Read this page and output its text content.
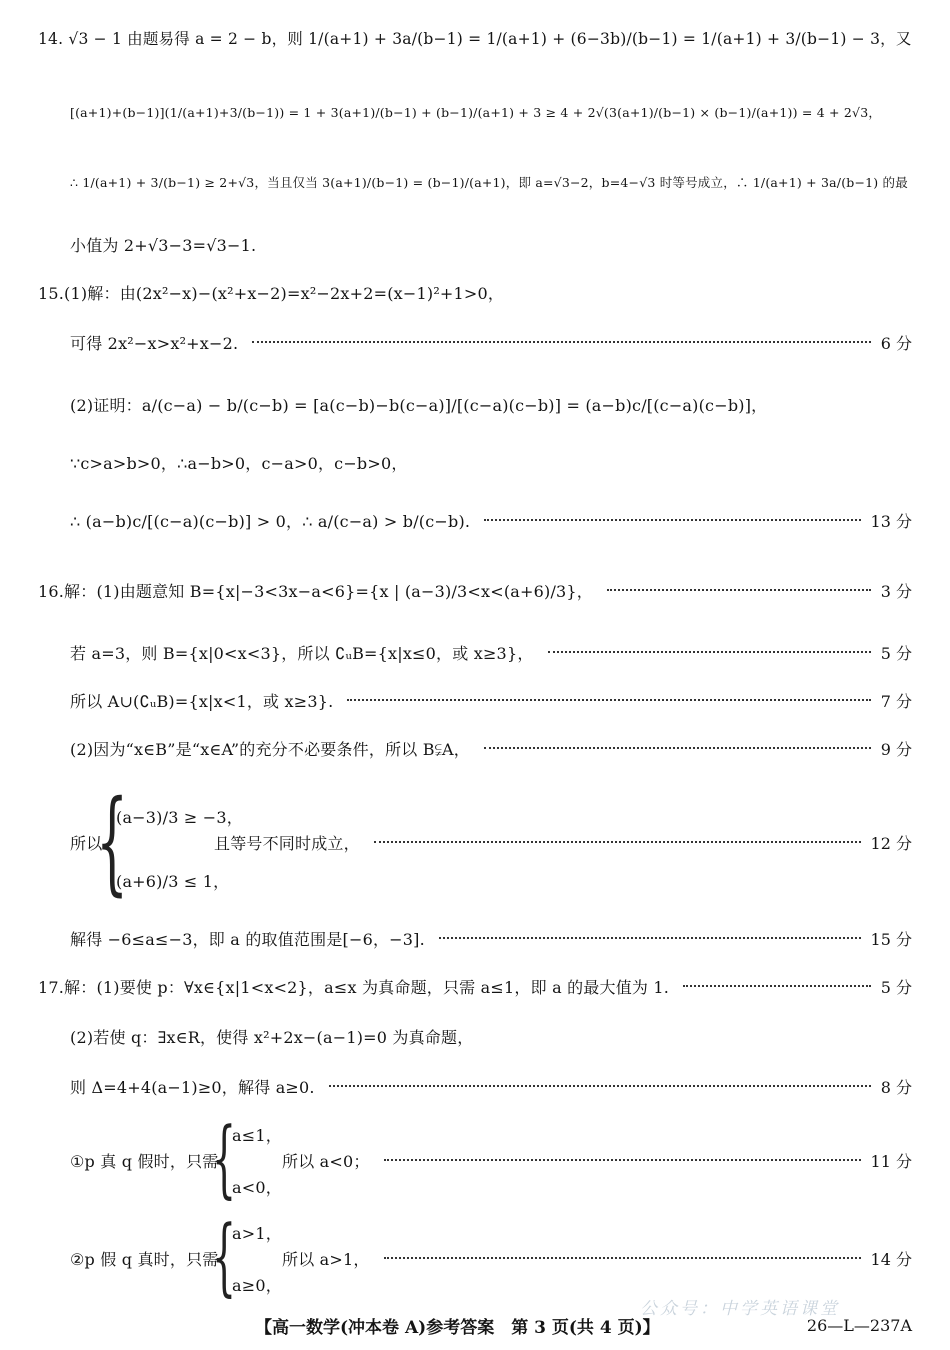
14. √3 − 1 由题易得 a = 2 − b，则 1/(a+1) + 3a/(b−1) = 1/(a+1) + (6−3b)/(b−1) = 1/(a+1) + 3/(b−1) − 3，又
[(a+1)+(b−1)](1/(a+1)+3/(b−1)) = 1 + 3(a+1)/(b−1) + (b−1)/(a+1) + 3 ≥ 4 + 2√(3(a+1)/(b−1) × (b−1)/(a+1)) = 4 + 2√3，
∴ 1/(a+1) + 3/(b−1) ≥ 2+√3，当且仅当 3(a+1)/(b−1) = (b−1)/(a+1)，即 a=√3−2，b=4−√3 时等号成立，∴ 1/(a+1) + 3a/(b−1) 的最
小值为 2+√3−3=√3−1.
15.(1)解：由(2x²−x)−(x²+x−2)=x²−2x+2=(x−1)²+1>0，
可得 2x²−x>x²+x−2.	6 分
(2)证明：a/(c−a) − b/(c−b) = [a(c−b)−b(c−a)]/[(c−a)(c−b)] = (a−b)c/[(c−a)(c−b)]，
∵c>a>b>0，∴a−b>0，c−a>0，c−b>0，
∴ (a−b)c/[(c−a)(c−b)] > 0，∴ a/(c−a) > b/(c−b).	13 分
16.解：(1)由题意知 B={x|−3<3x−a<6}={x | (a−3)/3<x<(a+6)/3}，	3 分
若 a=3，则 B={x|0<x<3}，所以 ∁ᵤB={x|x≤0，或 x≥3}，	5 分
所以 A∪(∁ᵤB)={x|x<1，或 x≥3}.	7 分
(2)因为“x∈B”是“x∈A”的充分不必要条件，所以 B⫋A，	9 分
(a−3)/3 ≥ −3，
所以	且等号不同时成立，	12 分
(a+6)/3 ≤ 1，
解得 −6≤a≤−3，即 a 的取值范围是[−6，−3].	15 分
17.解：(1)要使 p：∀x∈{x|1<x<2}，a≤x 为真命题，只需 a≤1，即 a 的最大值为 1.	5 分
(2)若使 q：∃x∈R，使得 x²+2x−(a−1)=0 为真命题，
则 Δ=4+4(a−1)≥0，解得 a≥0.	8 分
a≤1，
①p 真 q 假时，只需	所以 a<0；	11 分
a<0，
a>1，
②p 假 q 真时，只需	所以 a>1，	14 分
a≥0，
{
{
{
公众号：中学英语课堂
【高一数学(冲本卷 A)参考答案　第 3 页(共 4 页)】	26—L—237A
